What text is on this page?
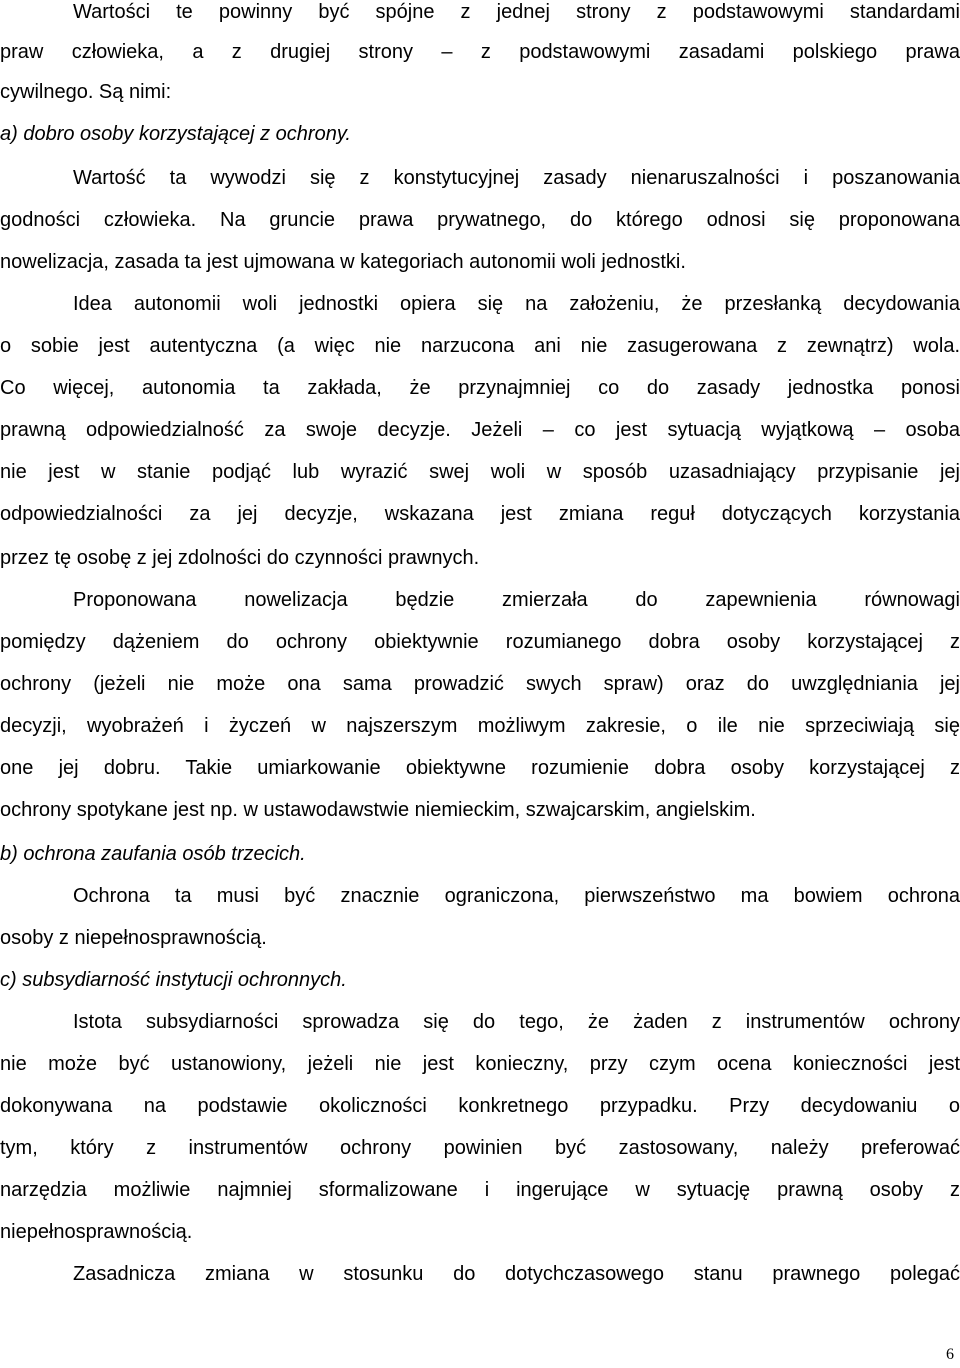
Wartości te powinny być spójne z jednej strony z podstawowymi standardami
praw człowieka, a z drugiej strony – z podstawowymi zasadami polskiego prawa
cywilnego. Są nimi:
a) dobro osoby korzystającej z ochrony.
Wartość ta wywodzi się z konstytucyjnej zasady nienaruszalności i poszanowania
godności człowieka. Na gruncie prawa prywatnego, do którego odnosi się proponowana
nowelizacja, zasada ta jest ujmowana w kategoriach autonomii woli jednostki.
Idea autonomii woli jednostki opiera się na założeniu, że przesłanką decydowania
o sobie jest autentyczna (a więc nie narzucona ani nie zasugerowana z zewnątrz) wola.
Co więcej, autonomia ta zakłada, że przynajmniej co do zasady jednostka ponosi
prawną odpowiedzialność za swoje decyzje. Jeżeli – co jest sytuacją wyjątkową – osoba
nie jest w stanie podjąć lub wyrazić swej woli w sposób uzasadniający przypisanie jej
odpowiedzialności za jej decyzje, wskazana jest zmiana reguł dotyczących korzystania
przez tę osobę z jej zdolności do czynności prawnych.
Proponowana nowelizacja będzie zmierzała do zapewnienia równowagi
pomiędzy dążeniem do ochrony obiektywnie rozumianego dobra osoby korzystającej z
ochrony (jeżeli nie może ona sama prowadzić swych spraw) oraz do uwzględniania jej
decyzji, wyobrażeń i życzeń w najszerszym możliwym zakresie, o ile nie sprzeciwiają się
one jej dobru. Takie umiarkowanie obiektywne rozumienie dobra osoby korzystającej z
ochrony spotykane jest np. w ustawodawstwie niemieckim, szwajcarskim, angielskim.
b) ochrona zaufania osób trzecich.
Ochrona ta musi być znacznie ograniczona, pierwszeństwo ma bowiem ochrona
osoby z niepełnosprawnością.
c) subsydiarność instytucji ochronnych.
Istota subsydiarności sprowadza się do tego, że żaden z instrumentów ochrony
nie może być ustanowiony, jeżeli nie jest konieczny, przy czym ocena konieczności jest
dokonywana na podstawie okoliczności konkretnego przypadku. Przy decydowaniu o
tym, który z instrumentów ochrony powinien być zastosowany, należy preferować
narzędzia możliwie najmniej sformalizowane i ingerujące w sytuację prawną osoby z
niepełnosprawnością.
Zasadnicza zmiana w stosunku do dotychczasowego stanu prawnego polegać
6
